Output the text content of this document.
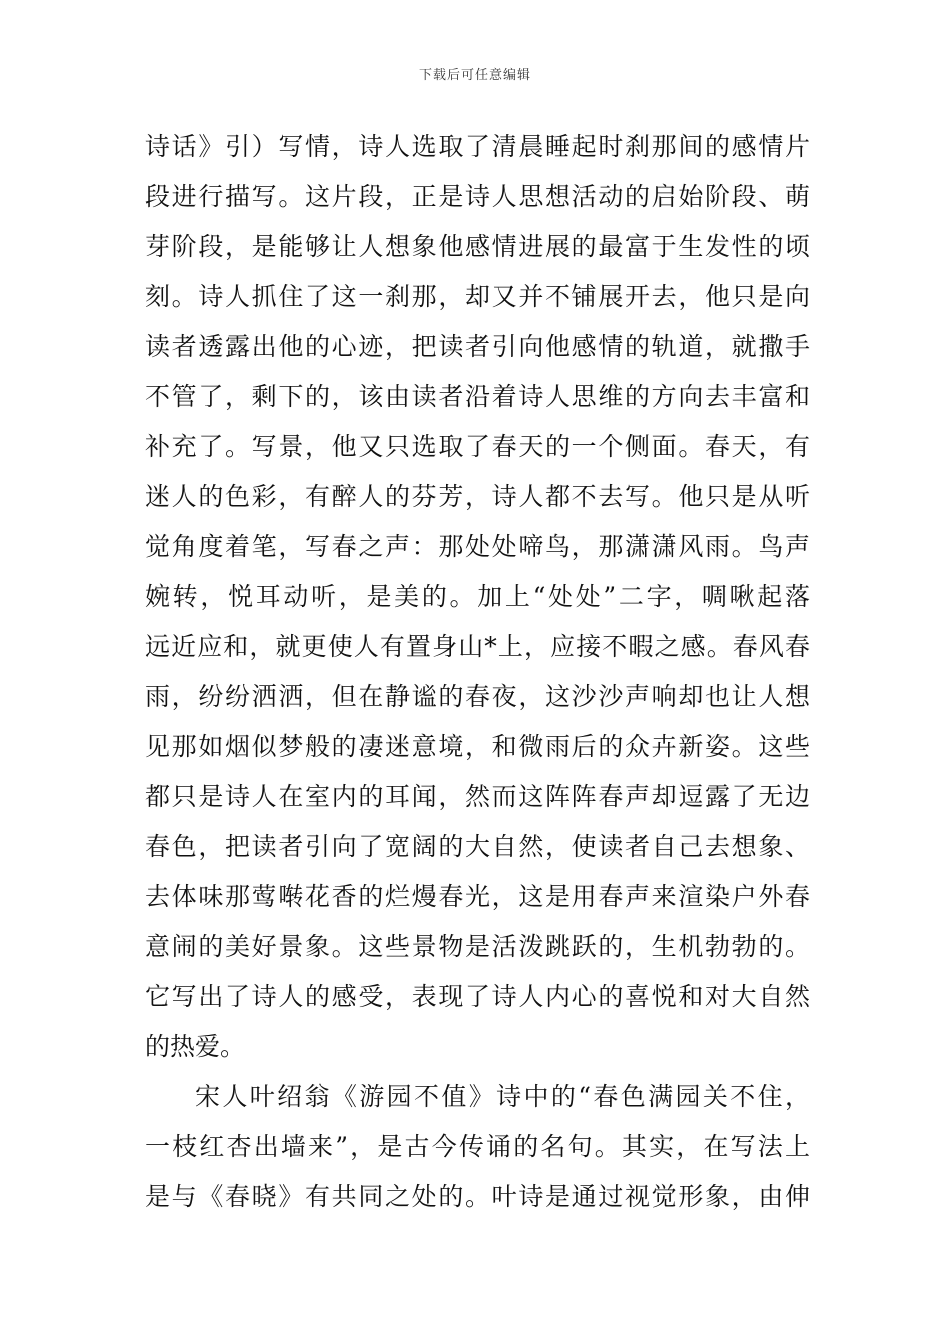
下载后可任意编辑
诗话》引）写情，诗人选取了清晨睡起时刹那间的感情片
段进行描写。这片段，正是诗人思想活动的启始阶段、萌
芽阶段，是能够让人想象他感情进展的最富于生发性的顷
刻。诗人抓住了这一刹那，却又并不铺展开去，他只是向
读者透露出他的心迹，把读者引向他感情的轨道，就撒手
不管了，剩下的，该由读者沿着诗人思维的方向去丰富和
补充了。写景，他又只选取了春天的一个侧面。春天，有
迷人的色彩，有醉人的芬芳，诗人都不去写。他只是从听
觉角度着笔，写春之声：那处处啼鸟，那潇潇风雨。鸟声
婉转，悦耳动听，是美的。加上“处处”二字，啁啾起落
远近应和，就更使人有置身山*上，应接不暇之感。春风春
雨，纷纷洒洒，但在静谧的春夜，这沙沙声响却也让人想
见那如烟似梦般的凄迷意境，和微雨后的众卉新姿。这些
都只是诗人在室内的耳闻，然而这阵阵春声却逗露了无边
春色，把读者引向了宽阔的大自然，使读者自己去想象、
去体味那莺啭花香的烂熳春光，这是用春声来渲染户外春
意闹的美好景象。这些景物是活泼跳跃的，生机勃勃的。
它写出了诗人的感受，表现了诗人内心的喜悦和对大自然
的热爱。
宋人叶绍翁《游园不值》诗中的“春色满园关不住，
一枝红杏出墙来”，是古今传诵的名句。其实，在写法上
是与《春晓》有共同之处的。叶诗是通过视觉形象，由伸
